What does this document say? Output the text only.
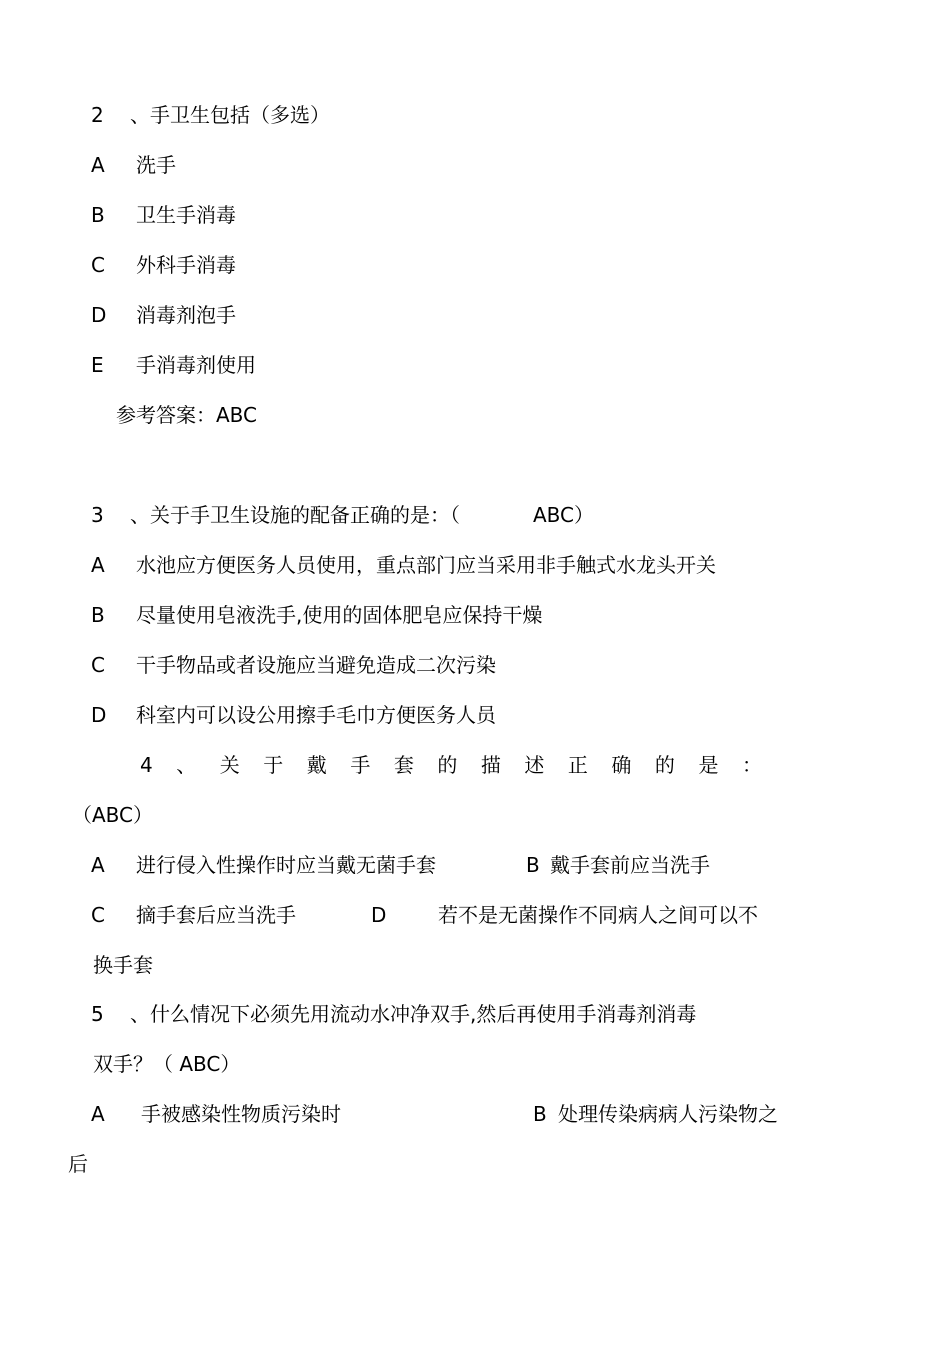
2 、手卫生包括（多选）
A 洗手
B 卫生手消毒
C 外科手消毒
D 消毒剂泡手
E 手消毒剂使用
参考答案：ABC
3 、关于手卫生设施的配备正确的是：（	ABC）
A 水池应方便医务人员使用，重点部门应当采用非手触式水龙头开关
B 尽量使用皂液洗手,使用的固体肥皂应保持干燥
C 干手物品或者设施应当避免造成二次污染
D 科室内可以设公用擦手毛巾方便医务人员
4 、 关 于 戴 手 套 的 描 述 正 确 的 是 ：
（ABC）
A 进行侵入性操作时应当戴无菌手套	B 戴手套前应当洗手
C 摘手套后应当洗手	D	若不是无菌操作不同病人之间可以不
换手套
5 、什么情况下必须先用流动水冲净双手,然后再使用手消毒剂消毒
双手？（ ABC）
A 手被感染性物质污染时	B 处理传染病病人污染物之
后
